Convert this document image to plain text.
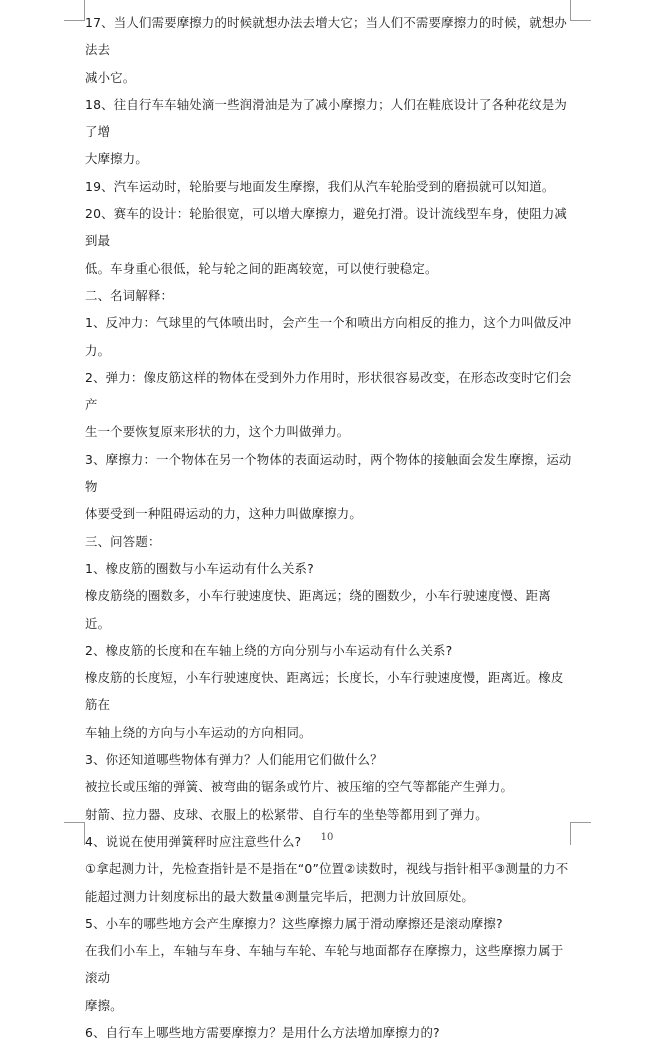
17、当人们需要摩擦力的时候就想办法去增大它；当人们不需要摩擦力的时候，就想办法去

减小它。

18、往自行车车轴处滴一些润滑油是为了减小摩擦力；人们在鞋底设计了各种花纹是为了增

大摩擦力。

19、汽车运动时，轮胎要与地面发生摩擦，我们从汽车轮胎受到的磨损就可以知道。

20、赛车的设计：轮胎很宽，可以增大摩擦力，避免打滑。设计流线型车身，使阻力减到最

低。车身重心很低，轮与轮之间的距离较宽，可以使行驶稳定。

二、名词解释：

1、反冲力：气球里的气体喷出时，会产生一个和喷出方向相反的推力，这个力叫做反冲力。

2、弹力：像皮筋这样的物体在受到外力作用时，形状很容易改变，在形态改变时它们会产

生一个要恢复原来形状的力，这个力叫做弹力。

3、摩擦力：一个物体在另一个物体的表面运动时，两个物体的接触面会发生摩擦，运动物

体要受到一种阻碍运动的力，这种力叫做摩擦力。

三、问答题：

1、橡皮筋的圈数与小车运动有什么关系?

橡皮筋绕的圈数多，小车行驶速度快、距离远；绕的圈数少，小车行驶速度慢、距离近。

2、橡皮筋的长度和在车轴上绕的方向分别与小车运动有什么关系?

橡皮筋的长度短，小车行驶速度快、距离远；长度长，小车行驶速度慢，距离近。橡皮筋在

车轴上绕的方向与小车运动的方向相同。

3、你还知道哪些物体有弹力？人们能用它们做什么？

被拉长或压缩的弹簧、被弯曲的锯条或竹片、被压缩的空气等都能产生弹力。

射箭、拉力器、皮球、衣服上的松紧带、自行车的坐垫等都用到了弹力。

4、说说在使用弹簧秤时应注意些什么?

①拿起测力计，先检查指针是不是指在“0”位置②读数时，视线与指针相平③测量的力不

能超过测力计刻度标出的最大数量④测量完毕后，把测力计放回原处。

5、小车的哪些地方会产生摩擦力？这些摩擦力属于滑动摩擦还是滚动摩擦?

在我们小车上，车轴与车身、车轴与车轮、车轮与地面都存在摩擦力，这些摩擦力属于滚动

摩擦。

6、自行车上哪些地方需要摩擦力？是用什么方法增加摩擦力的?

10
